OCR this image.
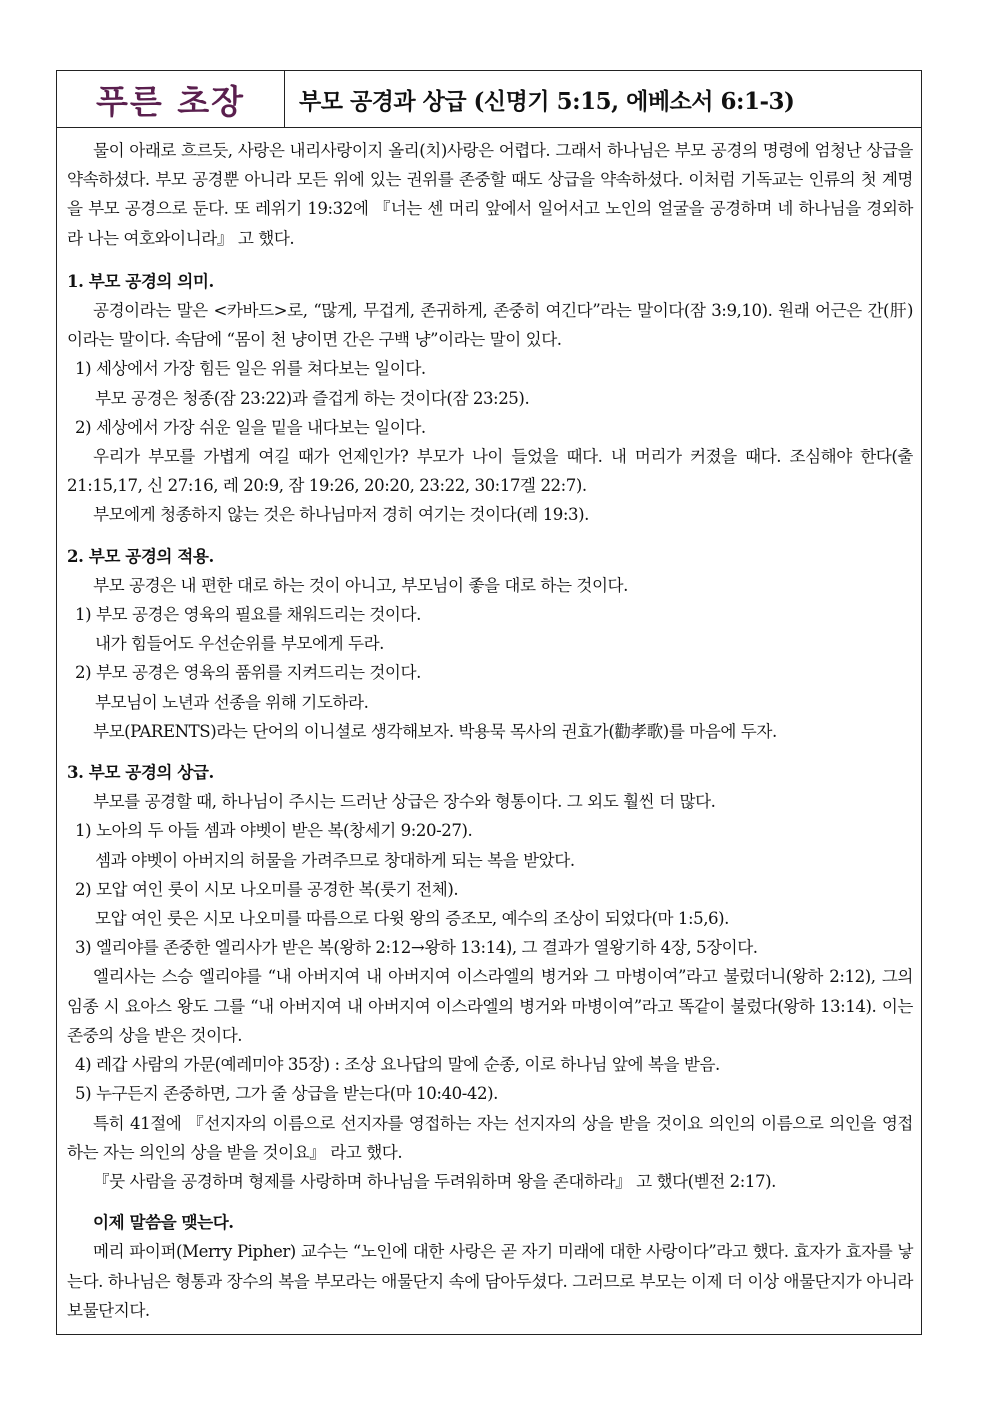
푸른 초장	부모 공경과 상급 (신명기 5:15, 에베소서 6:1-3)

물이 아래로 흐르듯, 사랑은 내리사랑이지 올리(치)사랑은 어렵다. 그래서 하나님은 부모 공경의 명령에 엄청난 상급을 약속하셨다. 부모 공경뿐 아니라 모든 위에 있는 권위를 존중할 때도 상급을 약속하셨다. 이처럼 기독교는 인류의 첫 계명을 부모 공경으로 둔다. 또 레위기 19:32에 『너는 센 머리 앞에서 일어서고 노인의 얼굴을 공경하며 네 하나님을 경외하라 나는 여호와이니라』 고 했다.

1. 부모 공경의 의미.

공경이라는 말은 <카바드>로, “많게, 무겁게, 존귀하게, 존중히 여긴다”라는 말이다(잠 3:9,10). 원래 어근은 간(肝)이라는 말이다. 속담에 “몸이 천 냥이면 간은 구백 냥”이라는 말이 있다.

1) 세상에서 가장 힘든 일은 위를 쳐다보는 일이다.

부모 공경은 청종(잠 23:22)과 즐겁게 하는 것이다(잠 23:25).

2) 세상에서 가장 쉬운 일을 밑을 내다보는 일이다.

우리가 부모를 가볍게 여길 때가 언제인가? 부모가 나이 들었을 때다. 내 머리가 커졌을 때다. 조심해야 한다(출 21:15,17, 신 27:16, 레 20:9, 잠 19:26, 20:20, 23:22, 30:17겔 22:7).

부모에게 청종하지 않는 것은 하나님마저 경히 여기는 것이다(레 19:3).

2. 부모 공경의 적용.

부모 공경은 내 편한 대로 하는 것이 아니고, 부모님이 좋을 대로 하는 것이다.

1) 부모 공경은 영육의 필요를 채워드리는 것이다.

내가 힘들어도 우선순위를 부모에게 두라.

2) 부모 공경은 영육의 품위를 지켜드리는 것이다.

부모님이 노년과 선종을 위해 기도하라.

부모(PARENTS)라는 단어의 이니셜로 생각해보자. 박용묵 목사의 권효가(勸孝歌)를 마음에 두자.

3. 부모 공경의 상급.

부모를 공경할 때, 하나님이 주시는 드러난 상급은 장수와 형통이다. 그 외도 훨씬 더 많다.

1) 노아의 두 아들 셈과 야벳이 받은 복(창세기 9:20-27).

셈과 야벳이 아버지의 허물을 가려주므로 창대하게 되는 복을 받았다.

2) 모압 여인 룻이 시모 나오미를 공경한 복(룻기 전체).

모압 여인 룻은 시모 나오미를 따름으로 다윗 왕의 증조모, 예수의 조상이 되었다(마 1:5,6).

3) 엘리야를 존중한 엘리사가 받은 복(왕하 2:12→왕하 13:14), 그 결과가 열왕기하 4장, 5장이다.

엘리사는 스승 엘리야를 “내 아버지여 내 아버지여 이스라엘의 병거와 그 마병이여”라고 불렀더니(왕하 2:12), 그의 임종 시 요아스 왕도 그를 “내 아버지여 내 아버지여 이스라엘의 병거와 마병이여”라고 똑같이 불렀다(왕하 13:14). 이는 존중의 상을 받은 것이다.

4) 레갑 사람의 가문(예레미야 35장) : 조상 요나답의 말에 순종, 이로 하나님 앞에 복을 받음.

5) 누구든지 존중하면, 그가 줄 상급을 받는다(마 10:40-42).

특히 41절에 『선지자의 이름으로 선지자를 영접하는 자는 선지자의 상을 받을 것이요 의인의 이름으로 의인을 영접하는 자는 의인의 상을 받을 것이요』 라고 했다.

『뭇 사람을 공경하며 형제를 사랑하며 하나님을 두려워하며 왕을 존대하라』 고 했다(벧전 2:17).

이제 말씀을 맺는다.

메리 파이퍼(Merry Pipher) 교수는 “노인에 대한 사랑은 곧 자기 미래에 대한 사랑이다”라고 했다. 효자가 효자를 낳는다. 하나님은 형통과 장수의 복을 부모라는 애물단지 속에 담아두셨다. 그러므로 부모는 이제 더 이상 애물단지가 아니라 보물단지다.
